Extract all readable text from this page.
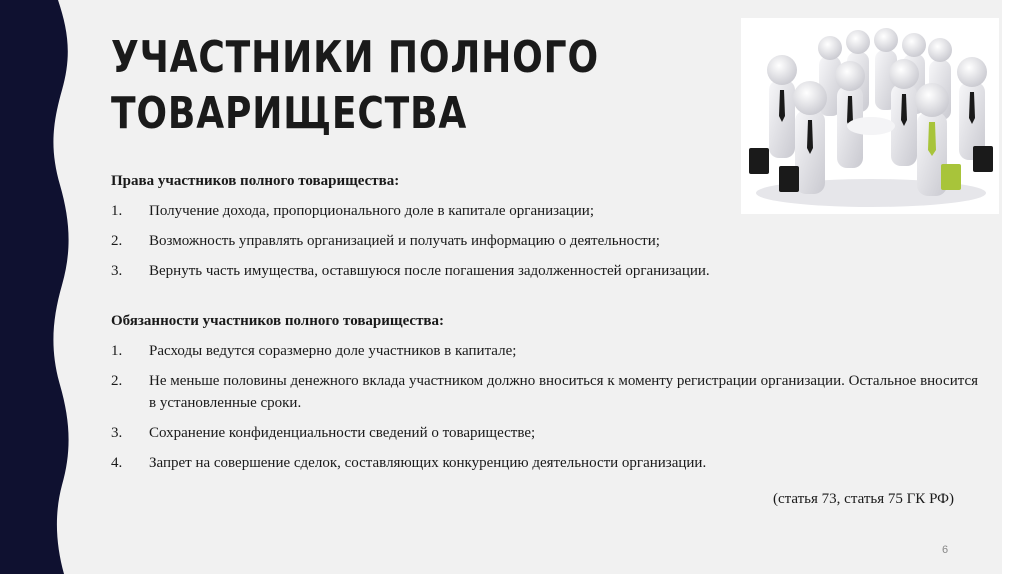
УЧАСТНИКИ ПОЛНОГО
ТОВАРИЩЕСТВА

Права участников полного товарищества:

1. Получение дохода, пропорционального доле в капитале организации;
2. Возможность управлять организацией и получать информацию о деятельности;
3. Вернуть часть имущества, оставшуюся после погашения задолженностей организации.

Обязанности участников полного товарищества:

1. Расходы ведутся соразмерно доле участников в капитале;
2. Не меньше половины денежного вклада участником должно вноситься к моменту регистрации организации. Остальное вносится в установленные сроки.
3. Сохранение конфиденциальности сведений о товариществе;
4. Запрет на совершение сделок, составляющих конкуренцию деятельности организации.
(статья 73, статья 75 ГК РФ)
6
